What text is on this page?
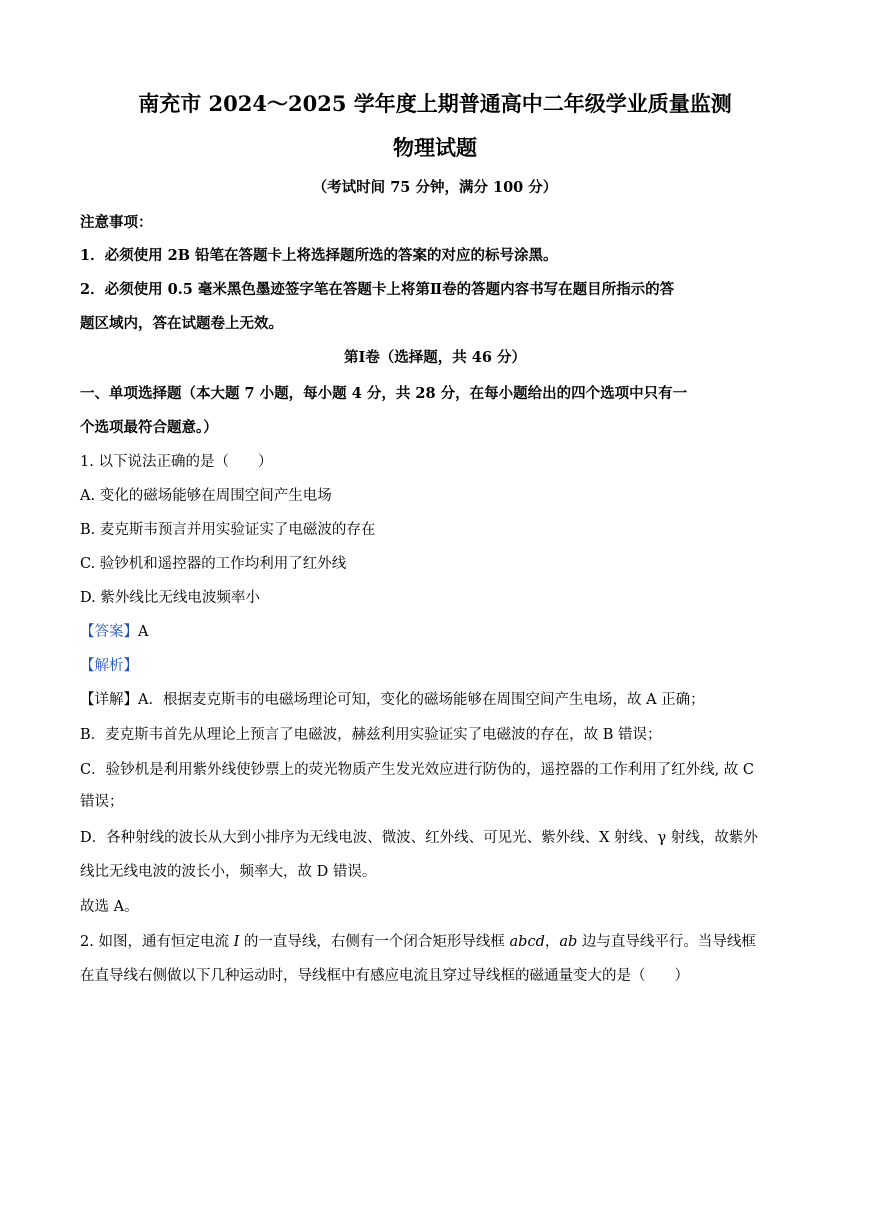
南充市 2024～2025 学年度上期普通高中二年级学业质量监测
物理试题
（考试时间 75 分钟，满分 100 分）
注意事项：
1．必须使用 2B 铅笔在答题卡上将选择题所选的答案的对应的标号涂黑。
2．必须使用 0.5 毫米黑色墨迹签字笔在答题卡上将第Ⅱ卷的答题内容书写在题目所指示的答
题区域内，答在试题卷上无效。
第Ⅰ卷（选择题，共 46 分）
一、单项选择题（本大题 7 小题，每小题 4 分，共 28 分，在每小题给出的四个选项中只有一
个选项最符合题意。）
1. 以下说法正确的是（　　）
A. 变化的磁场能够在周围空间产生电场
B. 麦克斯韦预言并用实验证实了电磁波的存在
C. 验钞机和遥控器的工作均利用了红外线
D. 紫外线比无线电波频率小
【答案】A
【解析】
【详解】A．根据麦克斯韦的电磁场理论可知，变化的磁场能够在周围空间产生电场，故 A 正确；
B．麦克斯韦首先从理论上预言了电磁波，赫兹利用实验证实了电磁波的存在，故 B 错误；
C．验钞机是利用紫外线使钞票上的荧光物质产生发光效应进行防伪的，遥控器的工作利用了红外线, 故 C
错误；
D．各种射线的波长从大到小排序为无线电波、微波、红外线、可见光、紫外线、X 射线、γ 射线，故紫外
线比无线电波的波长小，频率大，故 D 错误。
故选 A。
2. 如图，通有恒定电流 I 的一直导线，右侧有一个闭合矩形导线框 abcd，ab 边与直导线平行。当导线框
在直导线右侧做以下几种运动时，导线框中有感应电流且穿过导线框的磁通量变大的是（　　）
